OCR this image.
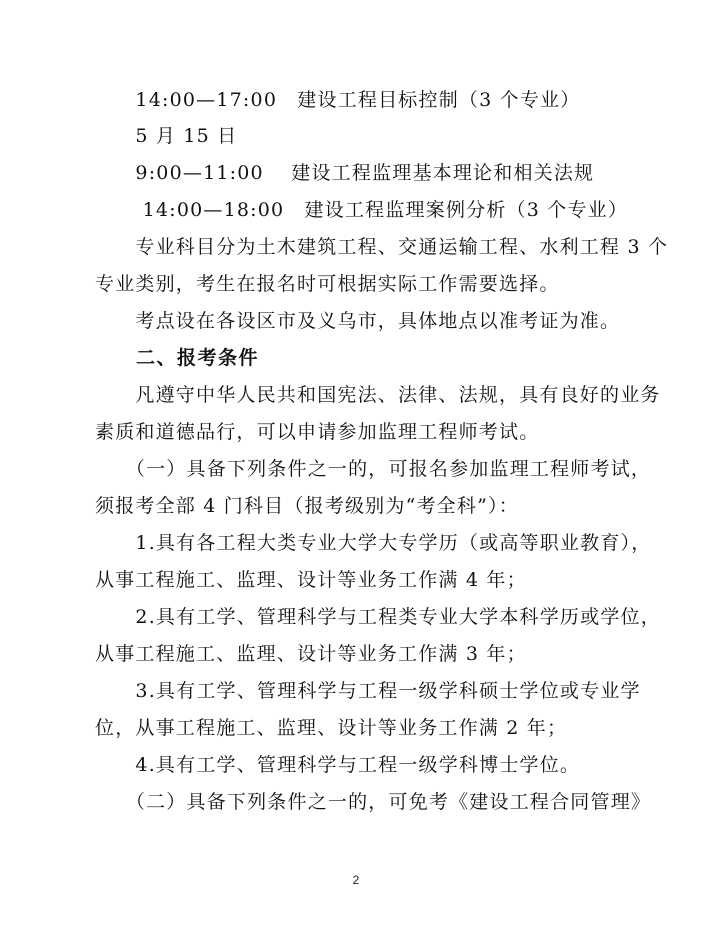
　　14:00—17:00　建设工程目标控制（3 个专业）
　　5 月 15 日
　　9:00—11:00　 建设工程监理基本理论和相关法规
　　 14:00—18:00　建设工程监理案例分析（3 个专业）
　　专业科目分为土木建筑工程、交通运输工程、水利工程 3 个
专业类别，考生在报名时可根据实际工作需要选择。
　　考点设在各设区市及义乌市，具体地点以准考证为准。
　　二、报考条件
　　凡遵守中华人民共和国宪法、法律、法规，具有良好的业务
素质和道德品行，可以申请参加监理工程师考试。
　　（一）具备下列条件之一的，可报名参加监理工程师考试，
须报考全部 4 门科目（报考级别为“考全科”）：
　　1.具有各工程大类专业大学大专学历（或高等职业教育），
从事工程施工、监理、设计等业务工作满 4 年；
　　2.具有工学、管理科学与工程类专业大学本科学历或学位，
从事工程施工、监理、设计等业务工作满 3 年；
　　3.具有工学、管理科学与工程一级学科硕士学位或专业学
位，从事工程施工、监理、设计等业务工作满 2 年；
　　4.具有工学、管理科学与工程一级学科博士学位。
　　（二）具备下列条件之一的，可免考《建设工程合同管理》
2
